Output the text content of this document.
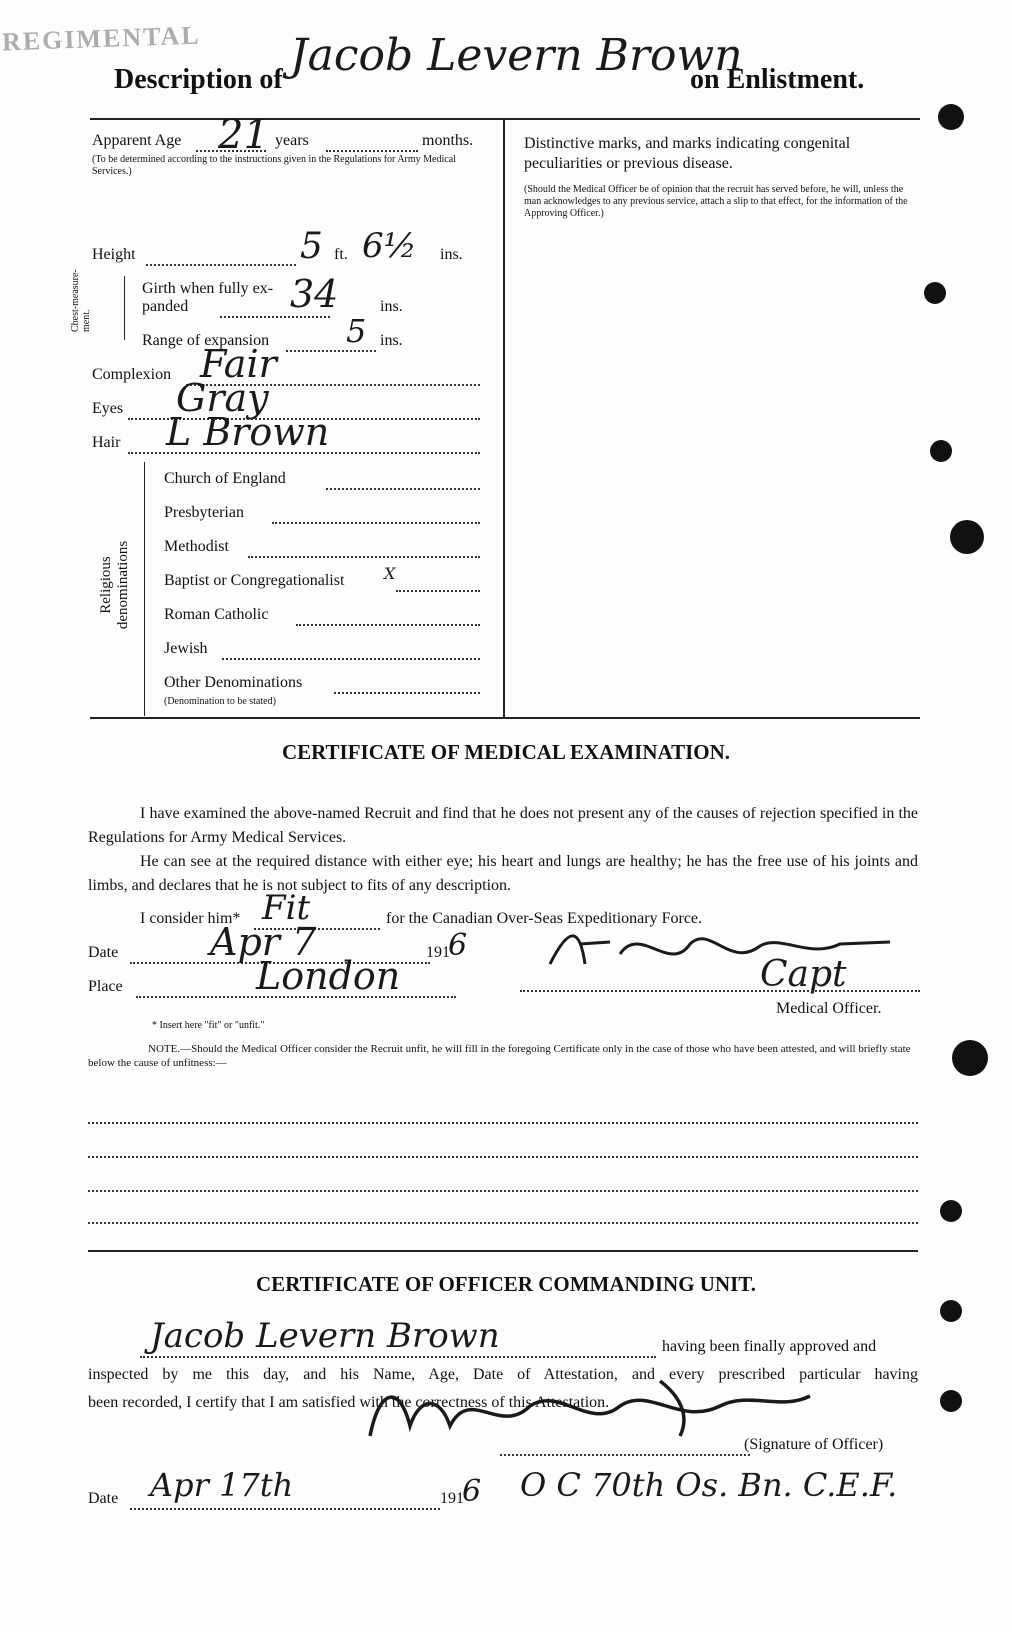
REGIMENTAL
Description of Jacob Levern Brown
on Enlistment.
Apparent Age 21 years	months.
(To be determined according to the instructions given in the Regulations for Army Medical Services.)
Height	5 ft. 6½ ins.
Chest-measure-ment.
Girth when fully ex-
panded	34	ins.
Range of expansion 5 ins.
Complexion Fair
Eyes Gray
Hair L Brown
Religious denominations
Church of England
Presbyterian
Methodist
Baptist or Congregationalist X
Roman Catholic
Jewish
Other Denominations
(Denomination to be stated)
Distinctive marks, and marks indicating congenital peculiarities or previous disease.
(Should the Medical Officer be of opinion that the recruit has served before, he will, unless the man acknowledges to any previous service, attach a slip to that effect, for the information of the Approving Officer.)
CERTIFICATE OF MEDICAL EXAMINATION.
I have examined the above-named Recruit and find that he does not present any of the causes of rejection specified in the Regulations for Army Medical Services.
He can see at the required distance with either eye; his heart and lungs are healthy; he has the free use of his joints and limbs, and declares that he is not subject to fits of any description.
I consider him* Fit	for the Canadian Over-Seas Expeditionary Force.
Date Apr 7	191
6
Place	London	Capt
Medical Officer.
* Insert here "fit" or "unfit."
NOTE.—Should the Medical Officer consider the Recruit unfit, he will fill in the foregoing Certificate only in the case of those who have been attested, and will briefly state below the cause of unfitness:—
CERTIFICATE OF OFFICER COMMANDING UNIT.
Jacob Levern Brown	having been finally approved and
inspected by me this day, and his Name, Age, Date of Attestation, and every prescribed particular having
been recorded, I certify that I am satisfied with the correctness of this Attestation.
(Signature of Officer)
Date Apr 17th	191
6 O C 70th Os. Bn. C.E.F.
